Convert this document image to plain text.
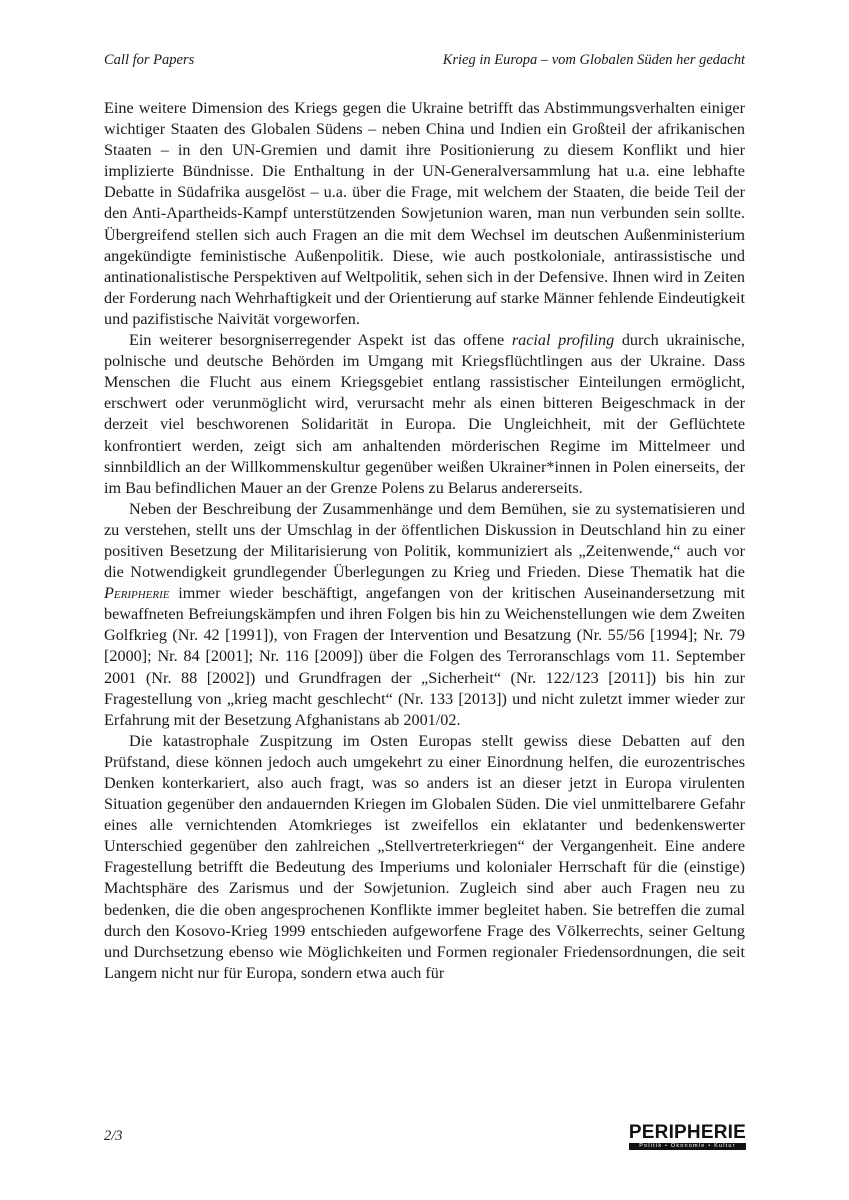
Call for Papers	Krieg in Europa – vom Globalen Süden her gedacht

Eine weitere Dimension des Kriegs gegen die Ukraine betrifft das Abstimmungsverhalten einiger wichtiger Staaten des Globalen Südens – neben China und Indien ein Großteil der afrikanischen Staaten – in den UN-Gremien und damit ihre Positionierung zu diesem Konflikt und hier implizierte Bündnisse. Die Enthaltung in der UN-Generalversammlung hat u.a. eine lebhafte Debatte in Südafrika ausgelöst – u.a. über die Frage, mit welchem der Staaten, die beide Teil der den Anti-Apartheids-Kampf unterstützenden Sowjetunion waren, man nun verbunden sein sollte. Übergreifend stellen sich auch Fragen an die mit dem Wechsel im deutschen Außenministerium angekündigte feministische Außenpolitik. Diese, wie auch postkoloniale, antirassistische und antinationalistische Perspektiven auf Weltpolitik, sehen sich in der Defensive. Ihnen wird in Zeiten der Forderung nach Wehrhaftigkeit und der Orientierung auf starke Männer fehlende Eindeutigkeit und pazifistische Naivität vorgeworfen.

Ein weiterer besorgniserregender Aspekt ist das offene racial profiling durch ukrainische, polnische und deutsche Behörden im Umgang mit Kriegsflüchtlingen aus der Ukraine. Dass Menschen die Flucht aus einem Kriegsgebiet entlang rassistischer Einteilungen ermöglicht, erschwert oder verunmöglicht wird, verursacht mehr als einen bitteren Beigeschmack in der derzeit viel beschworenen Solidarität in Europa. Die Ungleichheit, mit der Geflüchtete konfrontiert werden, zeigt sich am anhaltenden mörderischen Regime im Mittelmeer und sinnbildlich an der Willkommenskultur gegenüber weißen Ukrainer*innen in Polen einerseits, der im Bau befindlichen Mauer an der Grenze Polens zu Belarus andererseits.

Neben der Beschreibung der Zusammenhänge und dem Bemühen, sie zu systematisieren und zu verstehen, stellt uns der Umschlag in der öffentlichen Diskussion in Deutschland hin zu einer positiven Besetzung der Militarisierung von Politik, kommuniziert als „Zeitenwende,“ auch vor die Notwendigkeit grundlegender Überlegungen zu Krieg und Frieden. Diese Thematik hat die Peripherie immer wieder beschäftigt, angefangen von der kritischen Auseinandersetzung mit bewaffneten Befreiungskämpfen und ihren Folgen bis hin zu Weichenstellungen wie dem Zweiten Golfkrieg (Nr. 42 [1991]), von Fragen der Intervention und Besatzung (Nr. 55/56 [1994]; Nr. 79 [2000]; Nr. 84 [2001]; Nr. 116 [2009]) über die Folgen des Terroranschlags vom 11. September 2001 (Nr. 88 [2002]) und Grundfragen der „Sicherheit“ (Nr. 122/123 [2011]) bis hin zur Fragestellung von „krieg macht geschlecht“ (Nr. 133 [2013]) und nicht zuletzt immer wieder zur Erfahrung mit der Besetzung Afghanistans ab 2001/02.

Die katastrophale Zuspitzung im Osten Europas stellt gewiss diese Debatten auf den Prüfstand, diese können jedoch auch umgekehrt zu einer Einordnung helfen, die eurozentrisches Denken konterkariert, also auch fragt, was so anders ist an dieser jetzt in Europa virulenten Situation gegenüber den andauernden Kriegen im Globalen Süden. Die viel unmittelbarere Gefahr eines alle vernichtenden Atomkrieges ist zweifellos ein eklatanter und bedenkenswerter Unterschied gegenüber den zahlreichen „Stellvertreterkriegen“ der Vergangenheit. Eine andere Fragestellung betrifft die Bedeutung des Imperiums und kolonialer Herrschaft für die (einstige) Machtsphäre des Zarismus und der Sowjetunion. Zugleich sind aber auch Fragen neu zu bedenken, die die oben angesprochenen Konflikte immer begleitet haben. Sie betreffen die zumal durch den Kosovo-Krieg 1999 entschieden aufgeworfene Frage des Völkerrechts, seiner Geltung und Durchsetzung ebenso wie Möglichkeiten und Formen regionaler Friedensordnungen, die seit Langem nicht nur für Europa, sondern etwa auch für

2/3	PERIPHERIE
Politik • Ökonomie • Kultur
